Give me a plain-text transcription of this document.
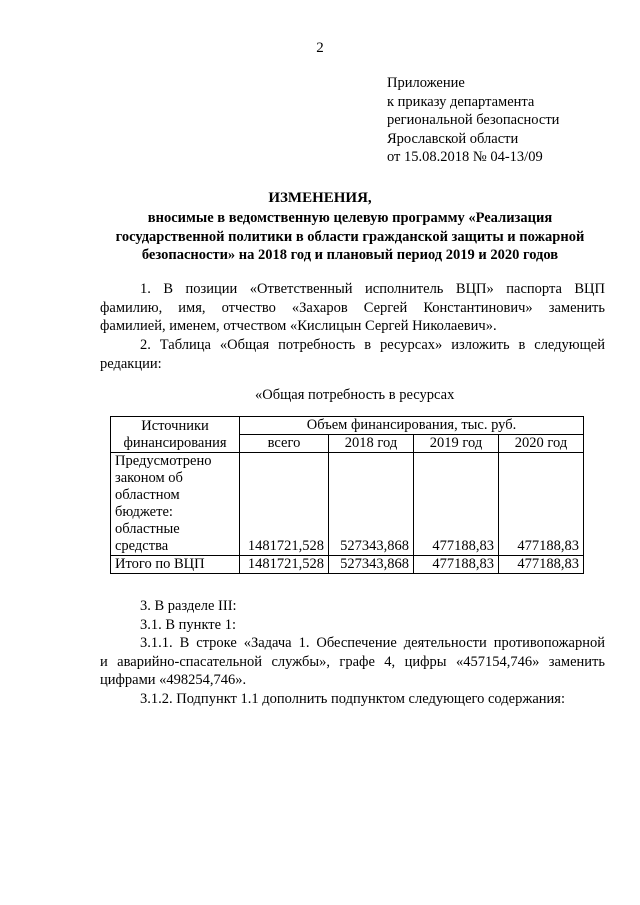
2
Приложение
к приказу департамента
региональной безопасности
Ярославской области
от 15.08.2018 № 04-13/09
ИЗМЕНЕНИЯ,
вносимые в ведомственную целевую программу «Реализация государственной политики в области гражданской защиты и пожарной безопасности» на 2018 год и плановый период 2019 и 2020 годов
1. В позиции «Ответственный исполнитель ВЦП» паспорта ВЦП
фамилию, имя, отчество «Захаров Сергей Константинович» заменить
фамилией, именем, отчеством «Кислицын Сергей Николаевич».
2. Таблица «Общая потребность в ресурсах» изложить в следующей
редакции:
«Общая потребность в ресурсах
Источники финансирования	Объем финансирования, тыс. руб.			
	всего	2018 год	2019 год	2020 год
Предусмотрено законом об областном бюджете: областные средства	1481721,528	527343,868	477188,83	477188,83
Итого по ВЦП	1481721,528	527343,868	477188,83	477188,83
3. В разделе III:
3.1. В пункте 1:
3.1.1. В строке «Задача 1. Обеспечение деятельности противопожарной
и аварийно-спасательной службы», графе 4, цифры «457154,746» заменить
цифрами «498254,746».
3.1.2. Подпункт 1.1 дополнить подпунктом следующего содержания:
